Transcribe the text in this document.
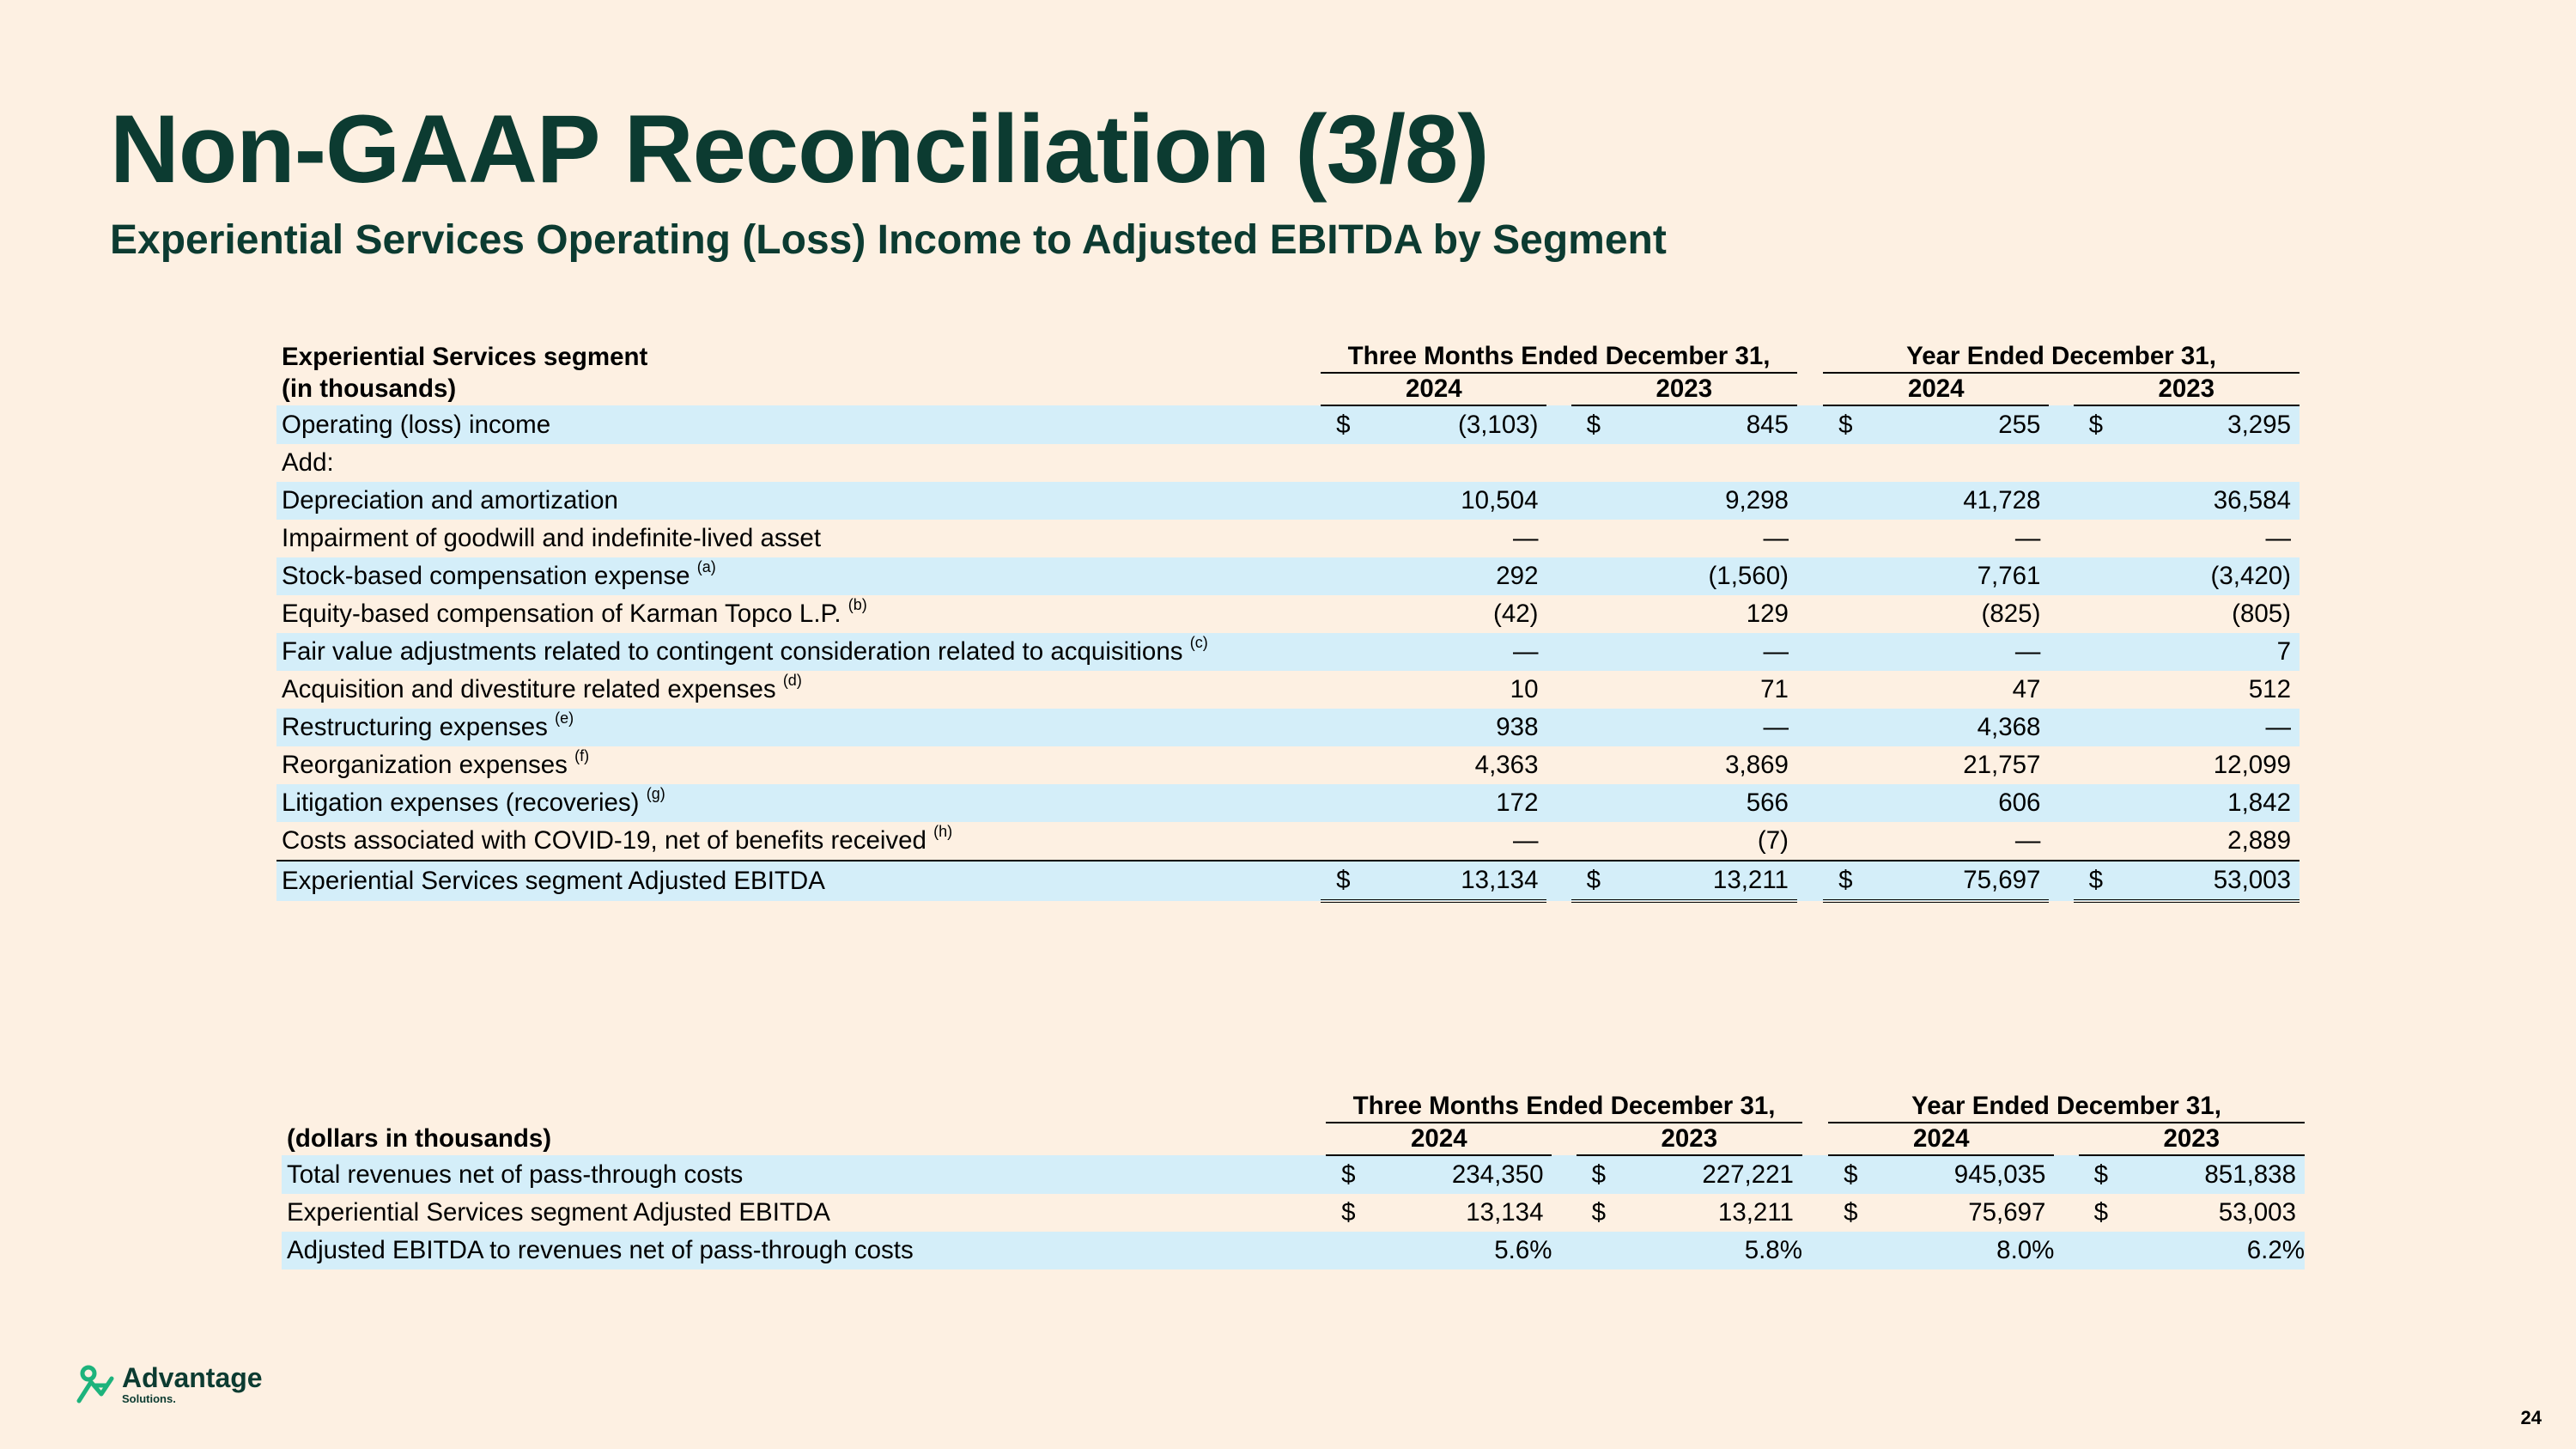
Non-GAAP Reconciliation (3/8)
Experiential Services Operating (Loss) Income to Adjusted EBITDA by Segment
Experiential Services segment	Three Months Ended December 31,						Year Ended December 31,				
(in thousands)	2024			2023			2024			2023	
Operating (loss) income	$	(3,103)		$	845		$	255		$	3,295
Add:											
Depreciation and amortization		10,504			9,298			41,728			36,584
Impairment of goodwill and indefinite-lived asset		—			—			—			—
Stock-based compensation expense $^{(a)}$		292			(1,560)			7,761			(3,420)
Equity-based compensation of Karman Topco L.P. $^{(b)}$		(42)			129			(825)			(805)
Fair value adjustments related to contingent consideration related to acquisitions $^{(c)}$		—			—			—			7
Acquisition and divestiture related expenses $^{(d)}$		10			71			47			512
Restructuring expenses $^{(e)}$		938			—			4,368			—
Reorganization expenses $^{(f)}$		4,363			3,869			21,757			12,099
Litigation expenses (recoveries) $^{(g)}$		172			566			606			1,842
Costs associated with COVID-19, net of benefits received $^{(h)}$		—			(7)			—			2,889
Experiential Services segment Adjusted EBITDA	$	13,134		$	13,211		$	75,697		$	53,003
	Three Months Ended December 31,						Year Ended December 31,				
(dollars in thousands)	2024			2023			2024			2023	
Total revenues net of pass-through costs	$	234,350		$	227,221		$	945,035		$	851,838
Experiential Services segment Adjusted EBITDA	$	13,134		$	13,211		$	75,697		$	53,003
Adjusted EBITDA to revenues net of pass-through costs		5.6%			5.8%			8.0%			6.2%
Advantage
Solutions.
24
